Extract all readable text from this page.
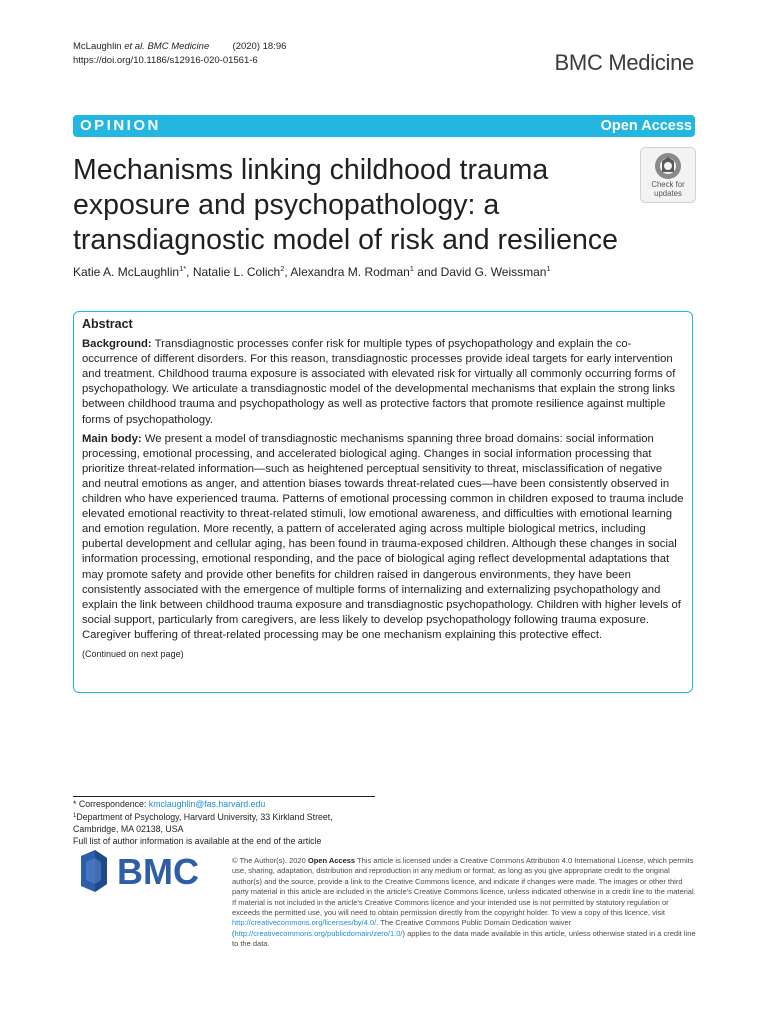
McLaughlin et al. BMC Medicine (2020) 18:96
https://doi.org/10.1186/s12916-020-01561-6	BMC Medicine
OPINION	Open Access
Mechanisms linking childhood trauma exposure and psychopathology: a transdiagnostic model of risk and resilience
Check for
updates
Katie A. McLaughlin$^{1*}$, Natalie L. Colich$^2$, Alexandra M. Rodman$^1$ and David G. Weissman$^1$
Abstract

Background: Transdiagnostic processes confer risk for multiple types of psychopathology and explain the co-occurrence of different disorders. For this reason, transdiagnostic processes provide ideal targets for early intervention and treatment. Childhood trauma exposure is associated with elevated risk for virtually all commonly occurring forms of psychopathology. We articulate a transdiagnostic model of the developmental mechanisms that explain the strong links between childhood trauma and psychopathology as well as protective factors that promote resilience against multiple forms of psychopathology.

Main body: We present a model of transdiagnostic mechanisms spanning three broad domains: social information processing, emotional processing, and accelerated biological aging. Changes in social information processing that prioritize threat-related information—such as heightened perceptual sensitivity to threat, misclassification of negative and neutral emotions as anger, and attention biases towards threat-related cues—have been consistently observed in children who have experienced trauma. Patterns of emotional processing common in children exposed to trauma include elevated emotional reactivity to threat-related stimuli, low emotional awareness, and difficulties with emotional learning and emotion regulation. More recently, a pattern of accelerated aging across multiple biological metrics, including pubertal development and cellular aging, has been found in trauma-exposed children. Although these changes in social information processing, emotional responding, and the pace of biological aging reflect developmental adaptations that may promote safety and provide other benefits for children raised in dangerous environments, they have been consistently associated with the emergence of multiple forms of internalizing and externalizing psychopathology and explain the link between childhood trauma exposure and transdiagnostic psychopathology. Children with higher levels of social support, particularly from caregivers, are less likely to develop psychopathology following trauma exposure. Caregiver buffering of threat-related processing may be one mechanism explaining this protective effect.

(Continued on next page)
* Correspondence: kmclaughlin@fas.harvard.edu
$^1$Department of Psychology, Harvard University, 33 Kirkland Street,
Cambridge, MA 02138, USA
Full list of author information is available at the end of the article
BMC	© The Author(s). 2020 Open Access This article is licensed under a Creative Commons Attribution 4.0 International License, which permits use, sharing, adaptation, distribution and reproduction in any medium or format, as long as you give appropriate credit to the original author(s) and the source, provide a link to the Creative Commons licence, and indicate if changes were made. The images or other third party material in this article are included in the article's Creative Commons licence, unless indicated otherwise in a credit line to the material. If material is not included in the article's Creative Commons licence and your intended use is not permitted by statutory regulation or exceeds the permitted use, you will need to obtain permission directly from the copyright holder. To view a copy of this licence, visit http://creativecommons.org/licenses/by/4.0/. The Creative Commons Public Domain Dedication waiver (http://creativecommons.org/publicdomain/zero/1.0/) applies to the data made available in this article, unless otherwise stated in a credit line to the data.
